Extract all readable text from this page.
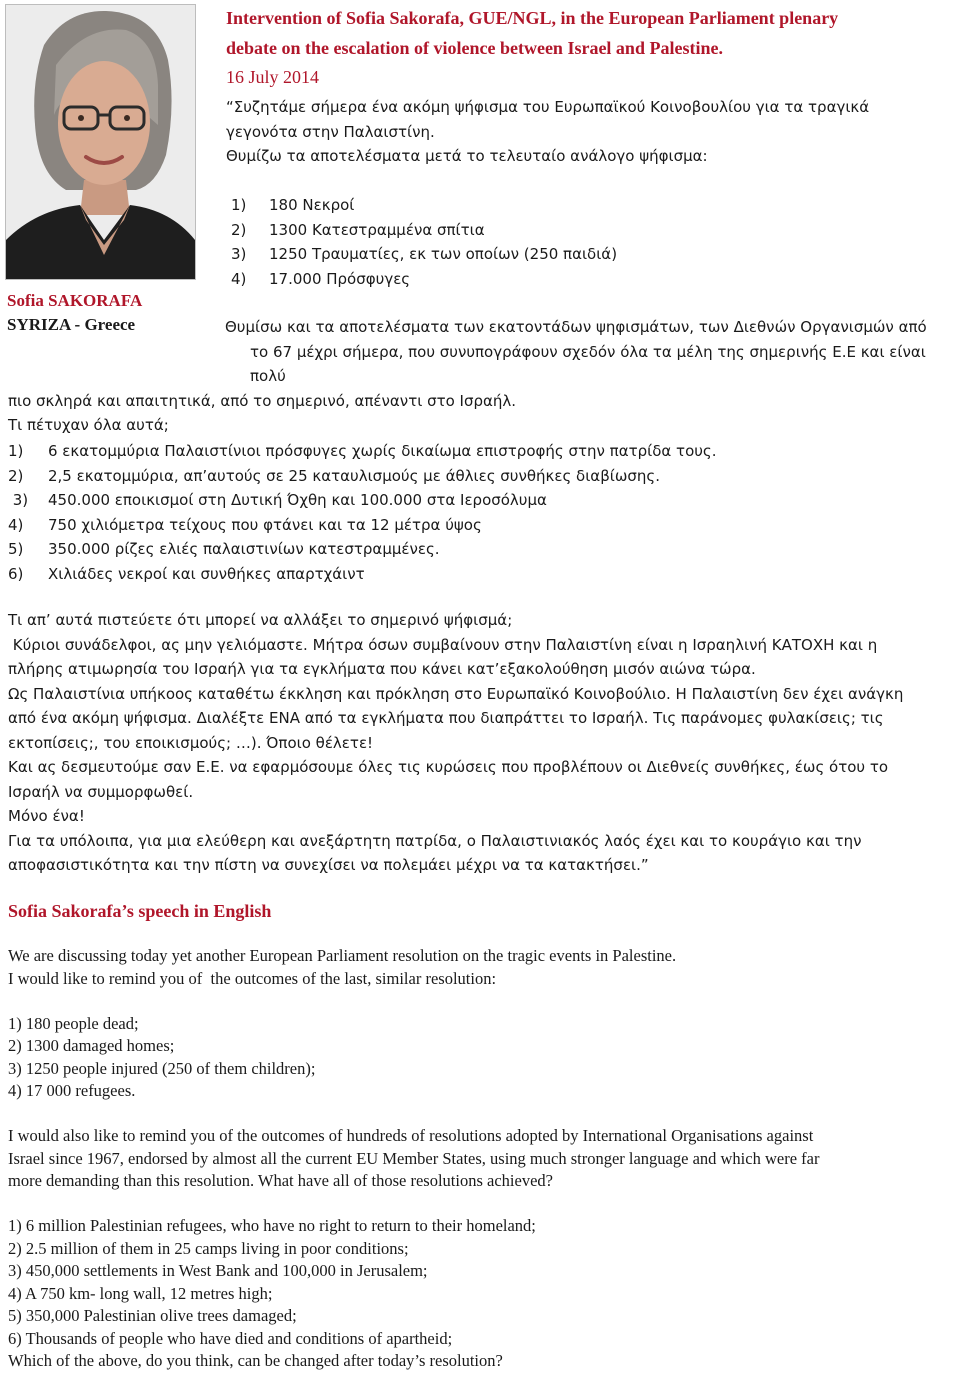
Sofia SAKORAFA
SYRIZA - Greece
Intervention of Sofia Sakorafa, GUE/NGL, in the European Parliament plenary
debate on the escalation of violence between Israel and Palestine.
16 July 2014
“Συζητάμε σήμερα ένα ακόμη ψήφισμα του Ευρωπαϊκού Κοινοβουλίου για τα τραγικά
γεγονότα στην Παλαιστίνη.
Θυμίζω τα αποτελέσματα μετά το τελευταίο ανάλογο ψήφισμα:
1) 180 Νεκροί
2) 1300 Κατεστραμμένα σπίτια
3) 1250 Τραυματίες, εκ των οποίων (250 παιδιά)
4) 17.000 Πρόσφυγες
Θυμίσω και τα αποτελέσματα των εκατοντάδων ψηφισμάτων, των Διεθνών Οργανισμών από
το 67 μέχρι σήμερα, που συνυπογράφουν σχεδόν όλα τα μέλη της σημερινής Ε.Ε και είναι πολύ
πιο σκληρά και απαιτητικά, από το σημερινό, απέναντι στο Ισραήλ.
Τι πέτυχαν όλα αυτά;
1) 6 εκατομμύρια Παλαιστίνιοι πρόσφυγες χωρίς δικαίωμα επιστροφής στην πατρίδα τους.
2) 2,5 εκατομμύρια, απ’αυτούς σε 25 καταυλισμούς με άθλιες συνθήκες διαβίωσης.
3) 450.000 εποικισμοί στη Δυτική Όχθη και 100.000 στα Ιεροσόλυμα
4) 750 χιλιόμετρα τείχους που φτάνει και τα 12 μέτρα ύψος
5) 350.000 ρίζες ελιές παλαιστινίων κατεστραμμένες.
6) Χιλιάδες νεκροί και συνθήκες απαρτχάιντ

Τι απ’ αυτά πιστεύετε ότι μπορεί να αλλάξει το σημερινό ψήφισμά;

Κύριοι συνάδελφοι, ας μην γελιόμαστε. Μήτρα όσων συμβαίνουν στην Παλαιστίνη είναι η Ισραηλινή ΚΑΤΟΧΗ και η

πλήρης ατιμωρησία του Ισραήλ για τα εγκλήματα που κάνει κατ’εξακολούθηση μισόν αιώνα τώρα.

Ως Παλαιστίνια υπήκοος καταθέτω έκκληση και πρόκληση στο Ευρωπαϊκό Κοινοβούλιο. Η Παλαιστίνη δεν έχει ανάγκη

από ένα ακόμη ψήφισμα. Διαλέξτε ΕΝΑ από τα εγκλήματα που διαπράττει το Ισραήλ. Τις παράνομες φυλακίσεις; τις

εκτοπίσεις;, του εποικισμούς; …). Όποιο θέλετε!

Και ας δεσμευτούμε σαν Ε.Ε. να εφαρμόσουμε όλες τις κυρώσεις που προβλέπουν οι Διεθνείς συνθήκες, έως ότου το

Ισραήλ να συμμορφωθεί.

Μόνο ένα!

Για τα υπόλοιπα, για μια ελεύθερη και ανεξάρτητη πατρίδα, ο Παλαιστινιακός λαός έχει και το κουράγιο και την

αποφασιστικότητα και την πίστη να συνεχίσει να πολεμάει μέχρι να τα κατακτήσει.”

Sofia Sakorafa’s speech in English

We are discussing today yet another European Parliament resolution on the tragic events in Palestine.

I would like to remind you of  the outcomes of the last, similar resolution:

1) 180 people dead;

2) 1300 damaged homes;

3) 1250 people injured (250 of them children);

4) 17 000 refugees.

I would also like to remind you of the outcomes of hundreds of resolutions adopted by International Organisations against

Israel since 1967, endorsed by almost all the current EU Member States, using much stronger language and which were far

more demanding than this resolution. What have all of those resolutions achieved?

1) 6 million Palestinian refugees, who have no right to return to their homeland;

2) 2.5 million of them in 25 camps living in poor conditions;

3) 450,000 settlements in West Bank and 100,000 in Jerusalem;

4) A 750 km- long wall, 12 metres high;

5) 350,000 Palestinian olive trees damaged;

6) Thousands of people who have died and conditions of apartheid;

Which of the above, do you think, can be changed after today’s resolution?
